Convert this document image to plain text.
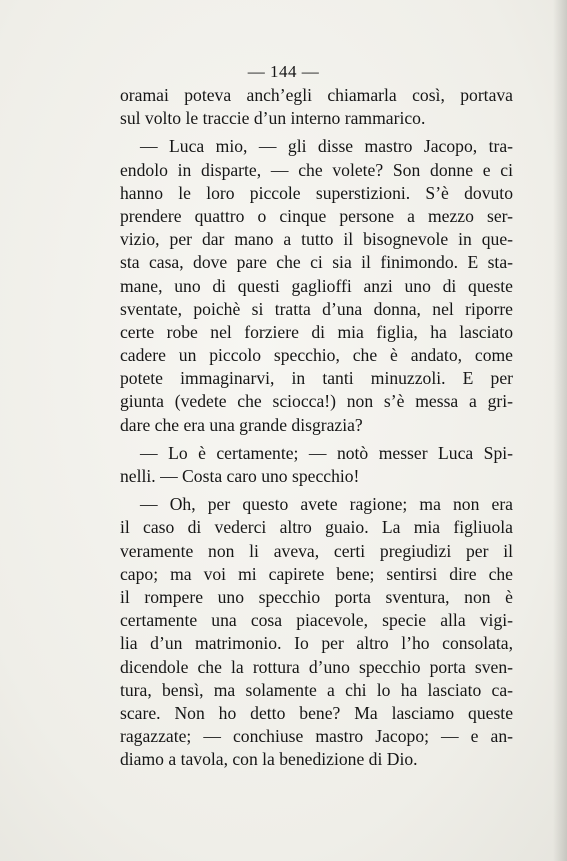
— 144 —
oramai poteva anch’egli chiamarla così, portava
sul volto le traccie d’un interno rammarico.
— Luca mio, — gli disse mastro Jacopo, tra-
endolo in disparte, — che volete? Son donne e ci
hanno le loro piccole superstizioni. S’è dovuto
prendere quattro o cinque persone a mezzo ser-
vizio, per dar mano a tutto il bisognevole in que-
sta casa, dove pare che ci sia il finimondo. E sta-
mane, uno di questi gaglioffi anzi uno di queste
sventate, poichè si tratta d’una donna, nel riporre
certe robe nel forziere di mia figlia, ha lasciato
cadere un piccolo specchio, che è andato, come
potete immaginarvi, in tanti minuzzoli. E per
giunta (vedete che sciocca!) non s’è messa a gri-
dare che era una grande disgrazia?
— Lo è certamente; — notò messer Luca Spi-
nelli. — Costa caro uno specchio!
— Oh, per questo avete ragione; ma non era
il caso di vederci altro guaio. La mia figliuola
veramente non li aveva, certi pregiudizi per il
capo; ma voi mi capirete bene; sentirsi dire che
il rompere uno specchio porta sventura, non è
certamente una cosa piacevole, specie alla vigi-
lia d’un matrimonio. Io per altro l’ho consolata,
dicendole che la rottura d’uno specchio porta sven-
tura, bensì, ma solamente a chi lo ha lasciato ca-
scare. Non ho detto bene? Ma lasciamo queste
ragazzate; — conchiuse mastro Jacopo; — e an-
diamo a tavola, con la benedizione di Dio.
